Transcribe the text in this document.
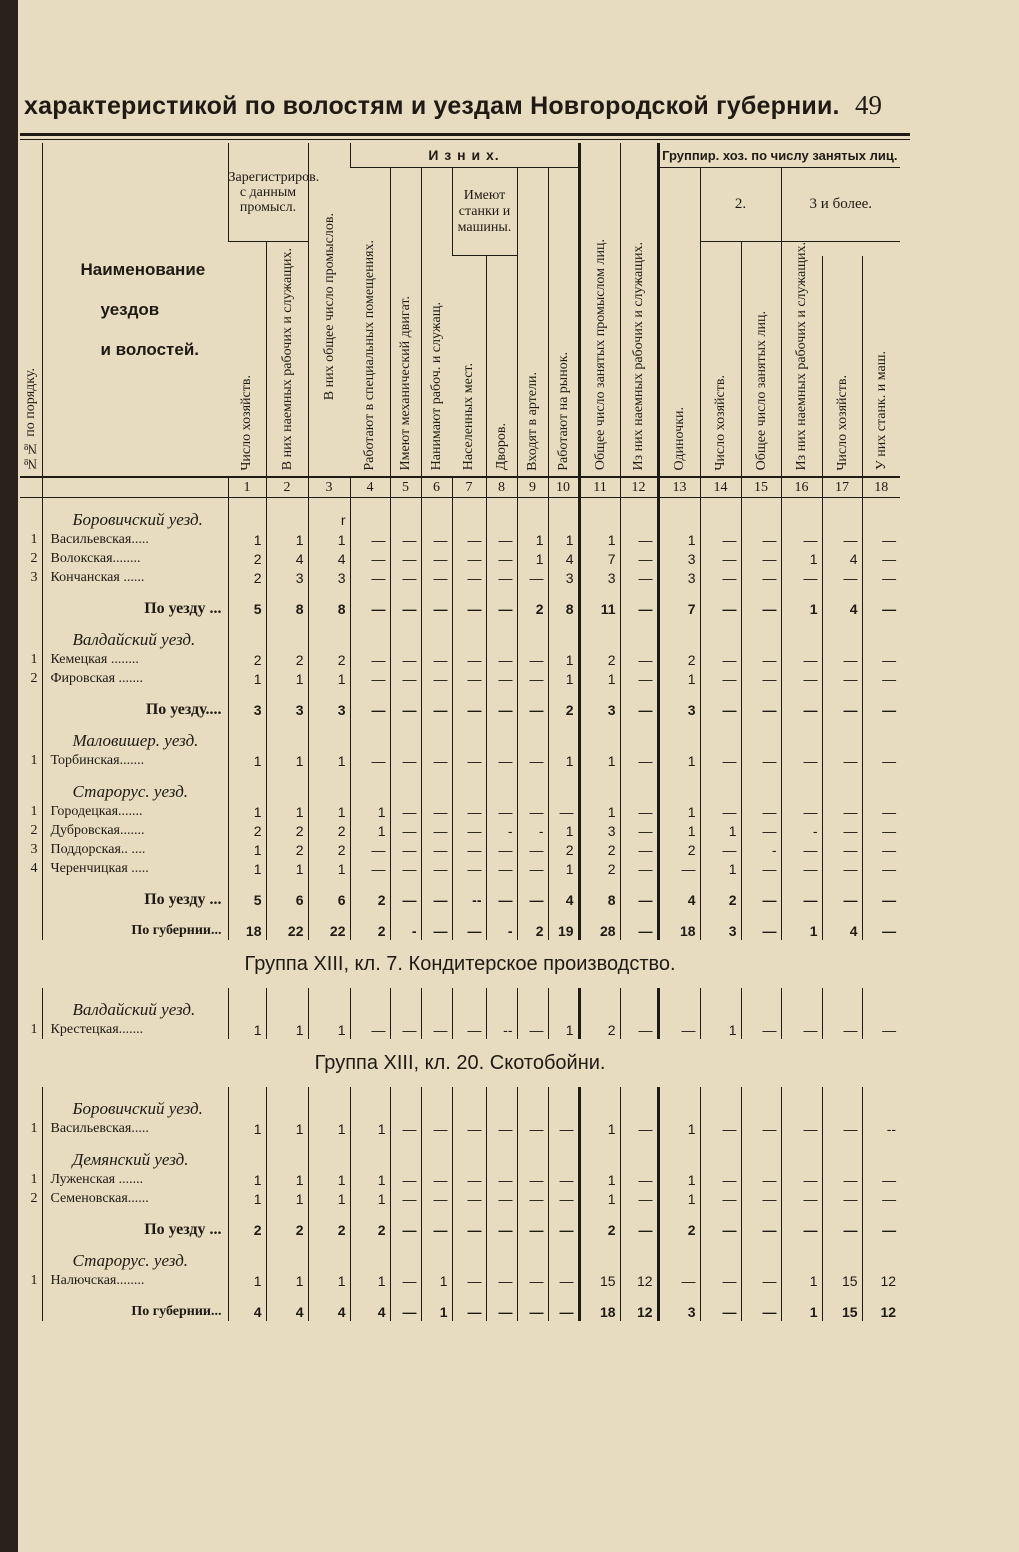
характеристикой по волостям и уездам Новгородской губернии. 49
№№ по порядку.	Наименование
уездов
и волостей.	Зарегистриров. с данным промысл.		В них общее число промыслов.	И з н и х.							Общее число занятых промыслом лиц.	Из них наемных рабочих и служащих.	Группир. хоз. по числу занятых лиц.					

					Работают в специальных помещениях.	Имеют механический двигат.	Нанимают рабоч. и служащ.	Имеют станки и машины.		Входят в артели.	Работают на рынок.			Одиночки.	2.		3 и более.		

		Число хозяйств.	В них наемных рабочих и служащих.												Число хозяйств.	Общее число занятых лиц.	Из них наемных рабочих и служащих.		

								Населенных мест.	Дворов.									Число хозяйств.	У них станк. и маш.

		1	2	3	4	5	6	7	8	9	10	11	12	13	14	15	16	17	18

	Боровичский уезд.			r															
1	Васильевская.....	1	1	1	—	—	—	—	—	1	1	1	—	1	—	—	—	—	—
2	Волокская........	2	4	4	—	—	—	—	—	1	4	7	—	3	—	—	1	4	—
3	Кончанская ......	2	3	3	—	—	—	—	—	—	3	3	—	3	—	—	—	—	—

	По уезду ...	5	8	8	—	—	—	—	—	2	8	11	—	7	—	—	1	4	—

	Валдайский уезд.																		
1	Кемецкая ........	2	2	2	—	—	—	—	—	—	1	2	—	2	—	—	—	—	—
2	Фировская .......	1	1	1	—	—	—	—	—	—	1	1	—	1	—	—	—	—	—

	По уезду....	3	3	3	—	—	—	—	—	—	2	3	—	3	—	—	—	—	—

	Маловишер. уезд.																		
1	Торбинская.......	1	1	1	—	—	—	—	—	—	1	1	—	1	—	—	—	—	—

	Старорус. уезд.																		
1	Городецкая.......	1	1	1	1	—	—	—	—	—	—	1	—	1	—	—	—	—	—
2	Дубровская.......	2	2	2	1	—	—	—	-	-	1	3	—	1	1	—	-	—	—
3	Поддорская.. ....	1	2	2	—	—	—	—	—	—	2	2	—	2	—	-	—	—	—
4	Черенчицкая .....	1	1	1	—	—	—	—	—	—	1	2	—	—	1	—	—	—	—

	По уезду ...	5	6	6	2	—	—	--	—	—	4	8	—	4	2	—	—	—	—

	По губернии...	18	22	22	2	-	—	—	-	2	19	28	—	18	3	—	1	4	—
Группа XIII, кл. 7. Кондитерское производство.																			

	Валдайский уезд.																		
1	Крестецкая.......	1	1	1	—	—	—	—	--	—	1	2	—	—	1	—	—	—	—
Группа XIII, кл. 20. Скотобойни.																			

	Боровичский уезд.																		
1	Васильевская.....	1	1	1	1	—	—	—	—	—	—	1	—	1	—	—	—	—	--

	Демянский уезд.																		
1	Луженская .......	1	1	1	1	—	—	—	—	—	—	1	—	1	—	—	—	—	—
2	Семеновская......	1	1	1	1	—	—	—	—	—	—	1	—	1	—	—	—	—	—

	По уезду ...	2	2	2	2	—	—	—	—	—	—	2	—	2	—	—	—	—	—

	Старорус. уезд.																		
1	Налючская........	1	1	1	1	—	1	—	—	—	—	15	12	—	—	—	1	15	12

	По губернии...	4	4	4	4	—	1	—	—	—	—	18	12	3	—	—	1	15	12
